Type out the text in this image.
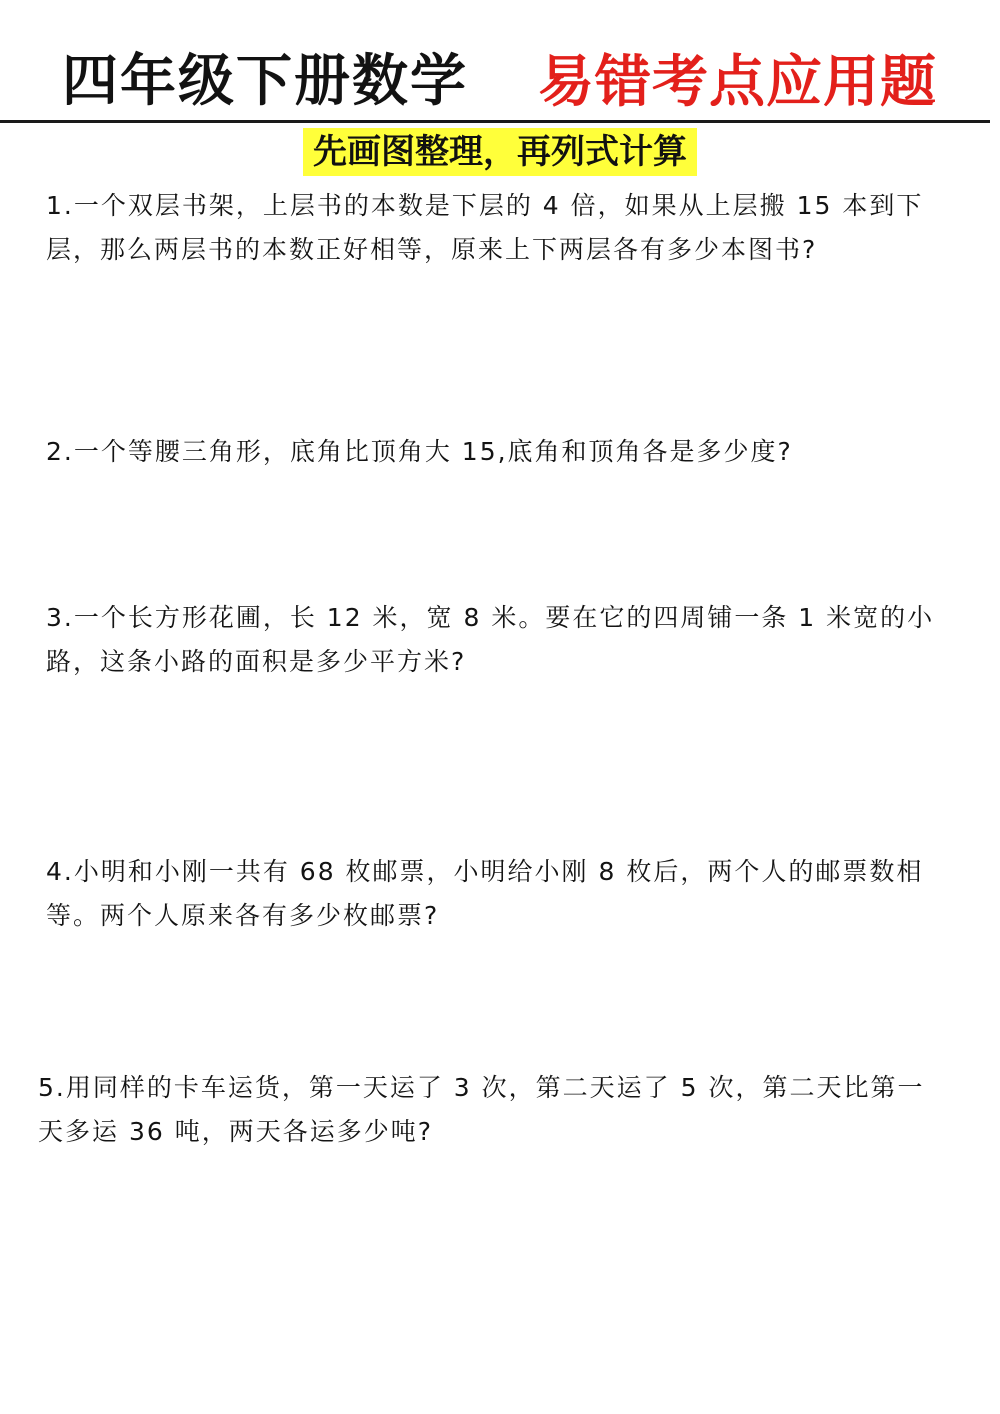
四年级下册数学 易错考点应用题
先画图整理，再列式计算
1.一个双层书架，上层书的本数是下层的 4 倍，如果从上层搬 15 本到下层，那么两层书的本数正好相等，原来上下两层各有多少本图书?
2.一个等腰三角形，底角比顶角大 15,底角和顶角各是多少度?
3.一个长方形花圃，长 12 米，宽 8 米。要在它的四周铺一条 1 米宽的小路，这条小路的面积是多少平方米?
4.小明和小刚一共有 68 枚邮票，小明给小刚 8 枚后，两个人的邮票数相等。两个人原来各有多少枚邮票?
5.用同样的卡车运货，第一天运了 3 次，第二天运了 5 次，第二天比第一天多运 36 吨，两天各运多少吨?
